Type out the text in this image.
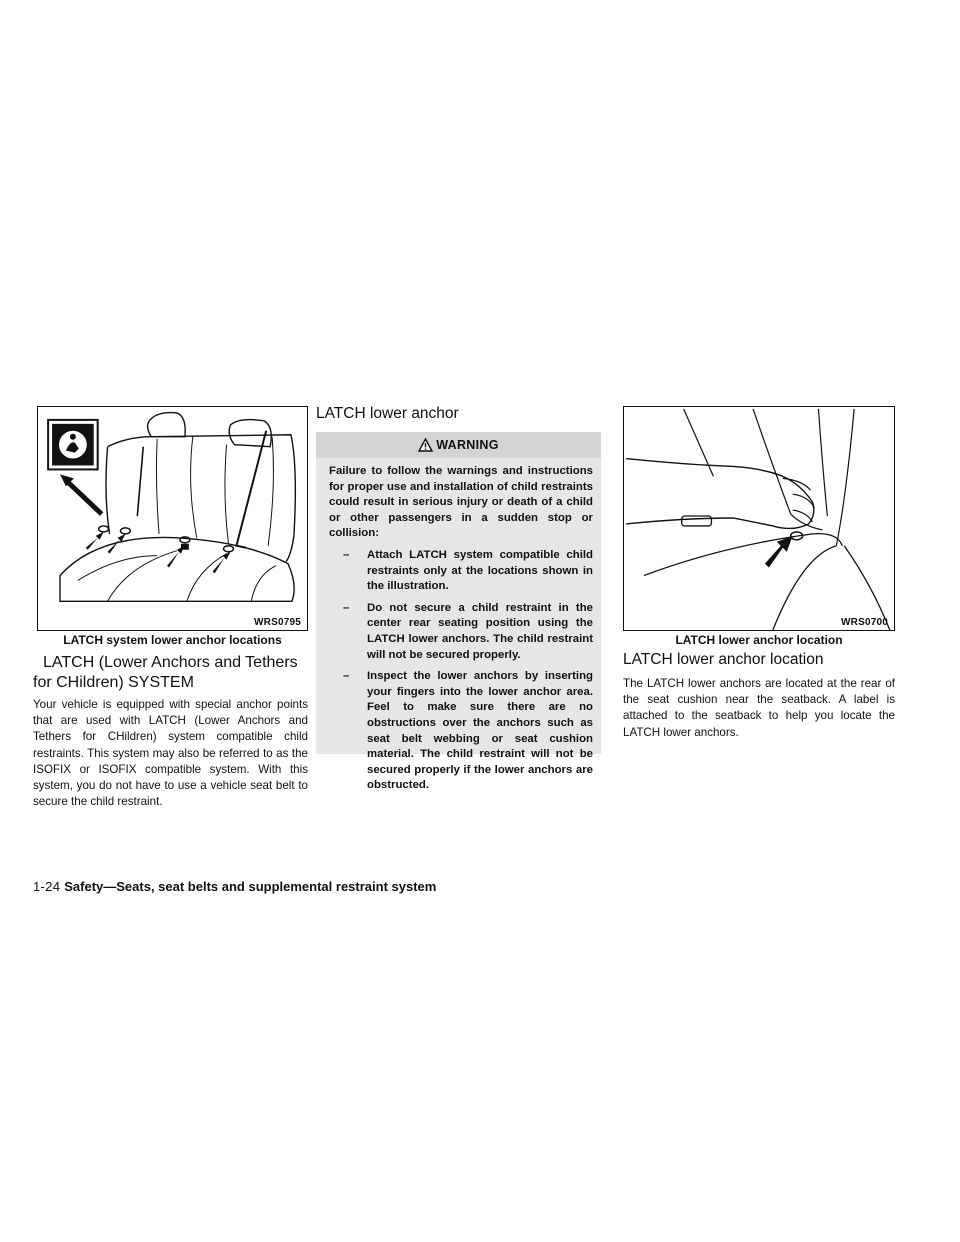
WRS0795
LATCH system lower anchor locations
LATCH (Lower Anchors and Tethers for CHildren) SYSTEM

Your vehicle is equipped with special anchor points that are used with LATCH (Lower Anchors and Tethers for CHildren) system compatible child restraints. This system may also be referred to as the ISOFIX or ISOFIX compatible system. With this system, you do not have to use a vehicle seat belt to secure the child restraint.

LATCH lower anchor
WARNING

Failure to follow the warnings and instructions for proper use and installation of child restraints could result in serious injury or death of a child or other passengers in a sudden stop or collision:

– Attach LATCH system compatible child restraints only at the locations shown in the illustration.
– Do not secure a child restraint in the center rear seating position using the LATCH lower anchors. The child restraint will not be secured properly.
– Inspect the lower anchors by inserting your fingers into the lower anchor area. Feel to make sure there are no obstructions over the anchors such as seat belt webbing or seat cushion material. The child restraint will not be secured properly if the lower anchors are obstructed.
WRS0700
LATCH lower anchor location
LATCH lower anchor location

The LATCH lower anchors are located at the rear of the seat cushion near the seatback. A label is attached to the seatback to help you locate the LATCH lower anchors.

1-24 Safety—Seats, seat belts and supplemental restraint system
